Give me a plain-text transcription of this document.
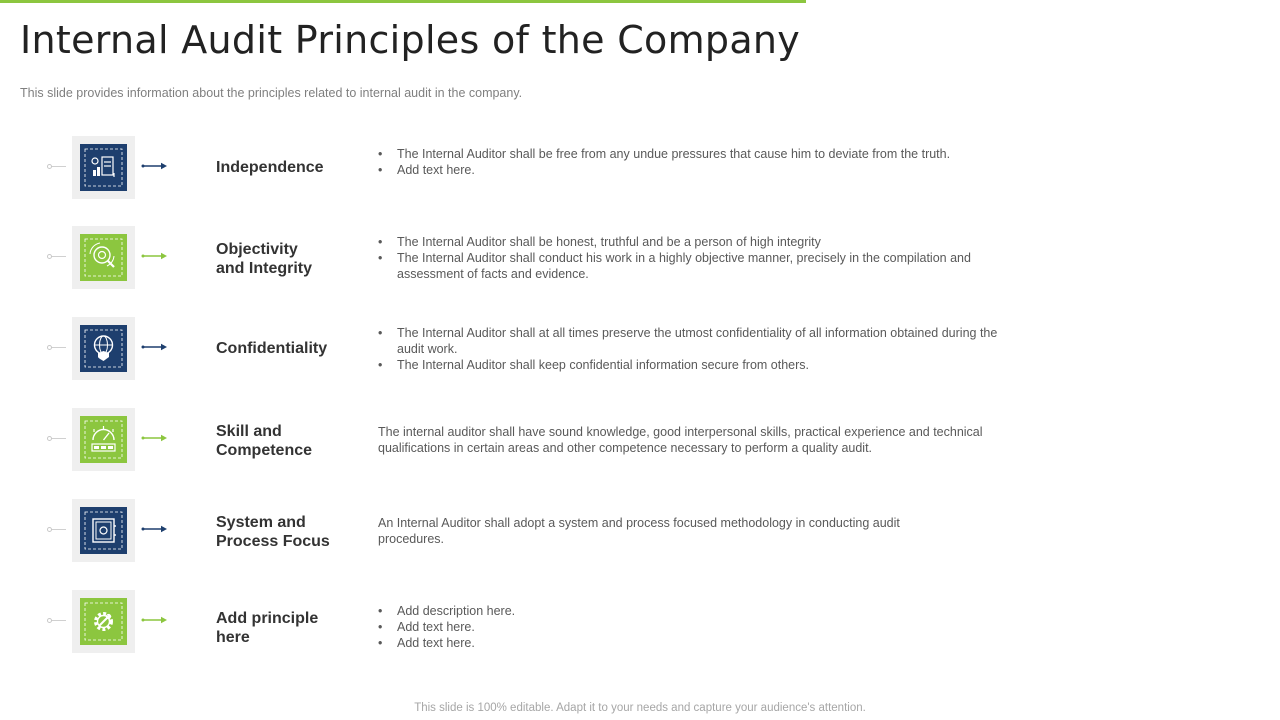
Internal Audit Principles of the Company
This slide provides information about the principles related to internal audit in the company.
Independence
• The Internal Auditor shall be free from any undue pressures that cause him to deviate from the truth.
• Add text here.
Objectivity
and Integrity
• The Internal Auditor shall be honest, truthful and be a person of high integrity
• The Internal Auditor shall conduct his work in a highly objective manner, precisely in the compilation and
assessment of facts and evidence.
Confidentiality
• The Internal Auditor shall at all times preserve the utmost confidentiality of all information obtained during the
audit work.
• The Internal Auditor shall keep confidential information secure from others.
Skill and
Competence
The internal auditor shall have sound knowledge, good interpersonal skills, practical experience and technical
qualifications in certain areas and other competence necessary to perform a quality audit.
System and
Process Focus
An Internal Auditor shall adopt a system and process focused methodology in conducting audit
procedures.
Add principle
here
• Add description here.
• Add text here.
• Add text here.
This slide is 100% editable. Adapt it to your needs and capture your audience's attention.
